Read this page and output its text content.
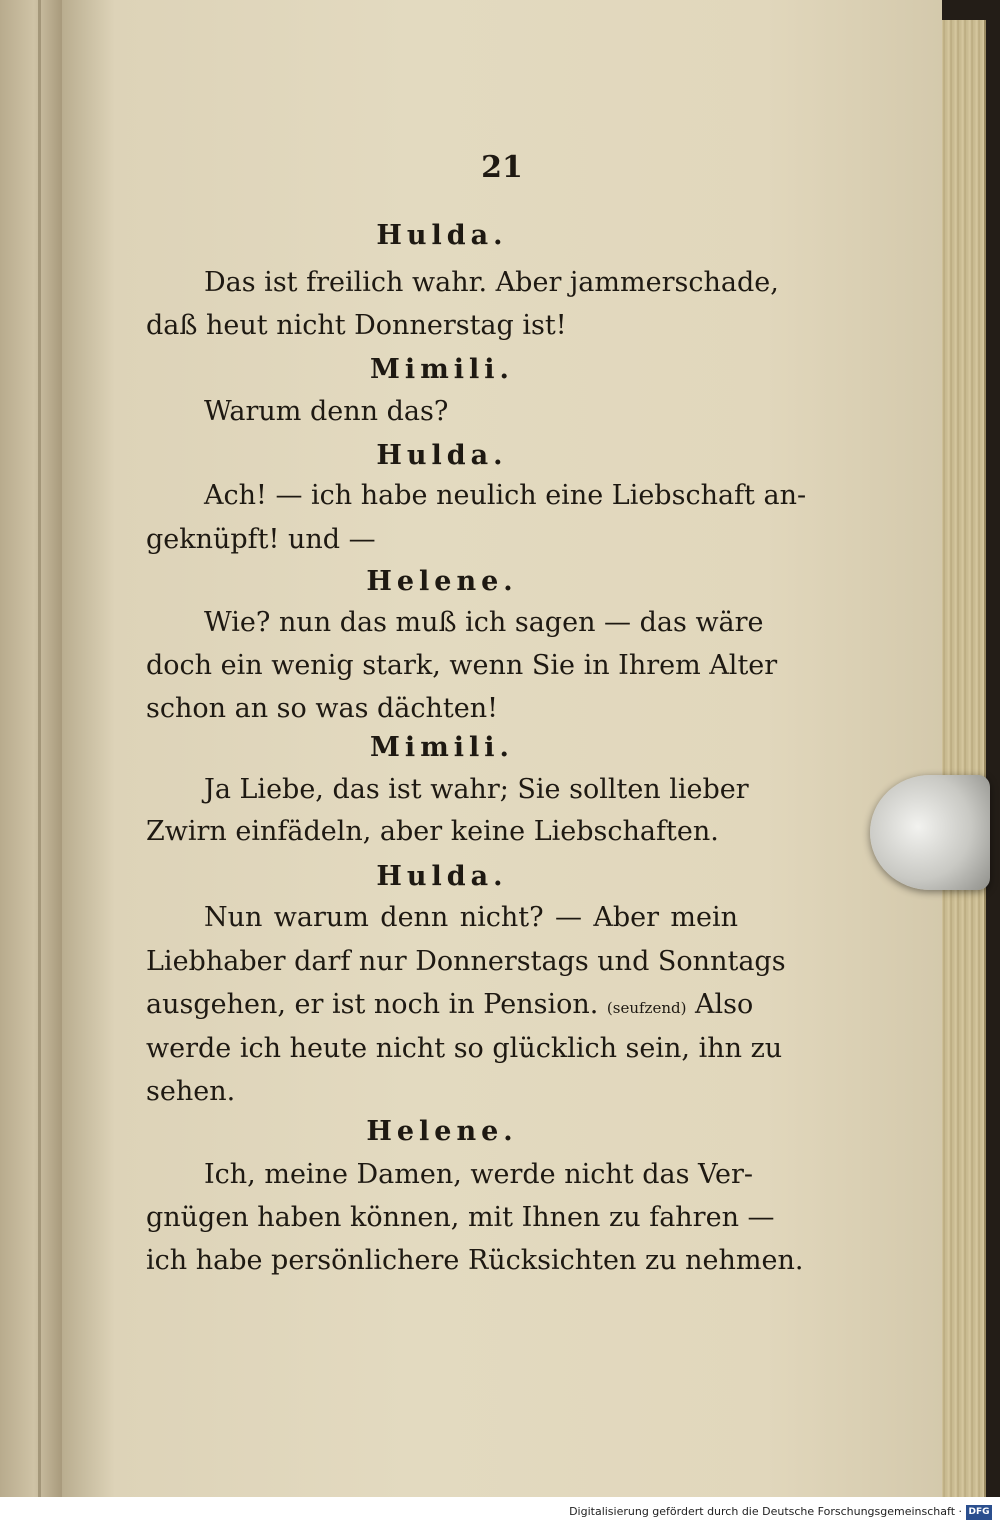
21
Hulda.
Das ist freilich wahr. Aber jammerschade,
daß heut nicht Donnerstag ist!
Mimili.
Warum denn das?
Hulda.
Ach! — ich habe neulich eine Liebschaft an-
geknüpft! und —
Helene.
Wie? nun das muß ich sagen — das wäre
doch ein wenig stark, wenn Sie in Ihrem Alter
schon an so was dächten!
Mimili.
Ja Liebe, das ist wahr; Sie sollten lieber
Zwirn einfädeln, aber keine Liebschaften.
Hulda.
Nun warum denn nicht? — Aber mein
Liebhaber darf nur Donnerstags und Sonntags
ausgehen, er ist noch in Pension. (seufzend) Also
werde ich heute nicht so glücklich sein, ihn zu
sehen.
Helene.
Ich, meine Damen, werde nicht das Ver-
gnügen haben können, mit Ihnen zu fahren —
ich habe persönlichere Rücksichten zu nehmen.
Digitalisierung gefördert durch die Deutsche Forschungsgemeinschaft · DFG
